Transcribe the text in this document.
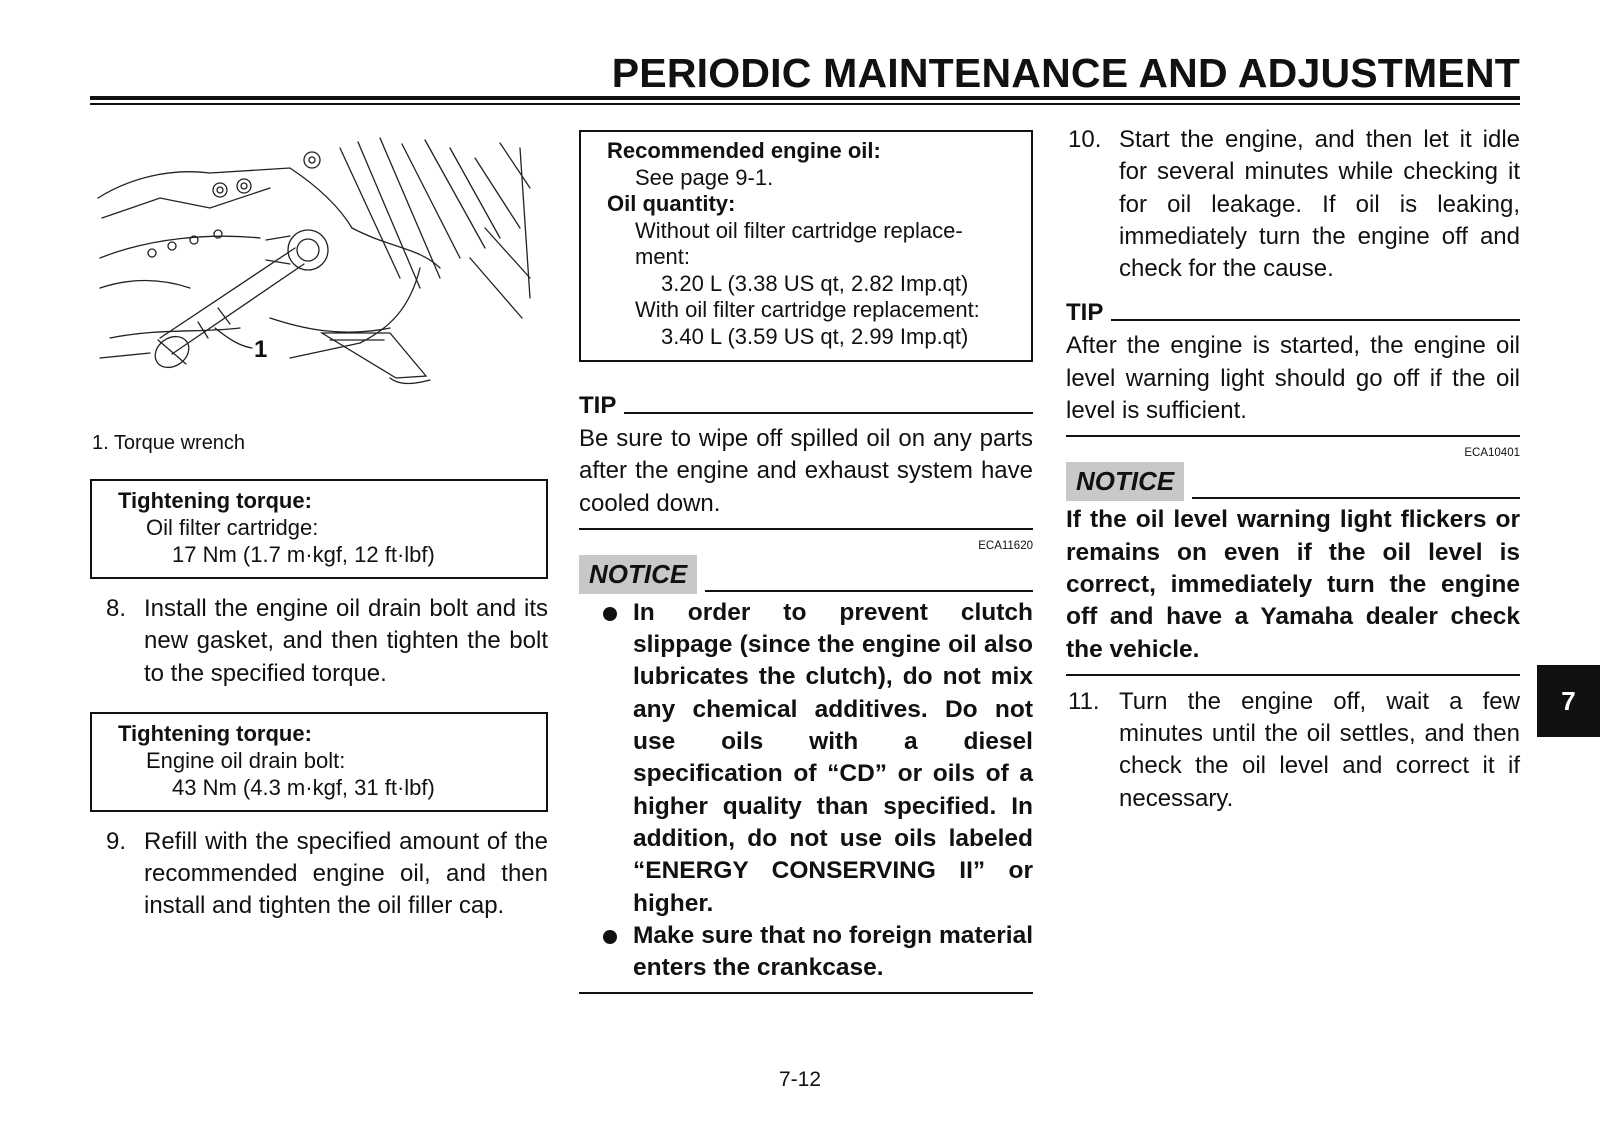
PERIODIC MAINTENANCE AND ADJUSTMENT
1
1. Torque wrench
Tightening torque:
Oil filter cartridge:
17 Nm (1.7 m·kgf, 12 ft·lbf)
8. Install the engine oil drain bolt and its new gasket, and then tighten the bolt to the specified torque.
Tightening torque:
Engine oil drain bolt:
43 Nm (4.3 m·kgf, 31 ft·lbf)
9. Refill with the specified amount of the recommended engine oil, and then install and tighten the oil filler cap.
Recommended engine oil:
See page 9-1.
Oil quantity:
Without oil filter cartridge replace-
ment:
3.20 L (3.38 US qt, 2.82 Imp.qt)
With oil filter cartridge replacement:
3.40 L (3.59 US qt, 2.99 Imp.qt)
TIP
Be sure to wipe off spilled oil on any parts after the engine and exhaust system have cooled down.
ECA11620
NOTICE
In order to prevent clutch slippage (since the engine oil also lubricates the clutch), do not mix any chemical additives. Do not use oils with a diesel specification of “CD” or oils of a higher quality than specified. In addition, do not use oils labeled “ENERGY CONSERVING II” or higher.
Make sure that no foreign material enters the crankcase.
10. Start the engine, and then let it idle for several minutes while checking it for oil leakage. If oil is leaking, immediately turn the engine off and check for the cause.
TIP
After the engine is started, the engine oil level warning light should go off if the oil level is sufficient.
ECA10401
NOTICE
If the oil level warning light flickers or remains on even if the oil level is correct, immediately turn the engine off and have a Yamaha dealer check the vehicle.
11. Turn the engine off, wait a few minutes until the oil settles, and then check the oil level and correct it if necessary.
7
7-12
